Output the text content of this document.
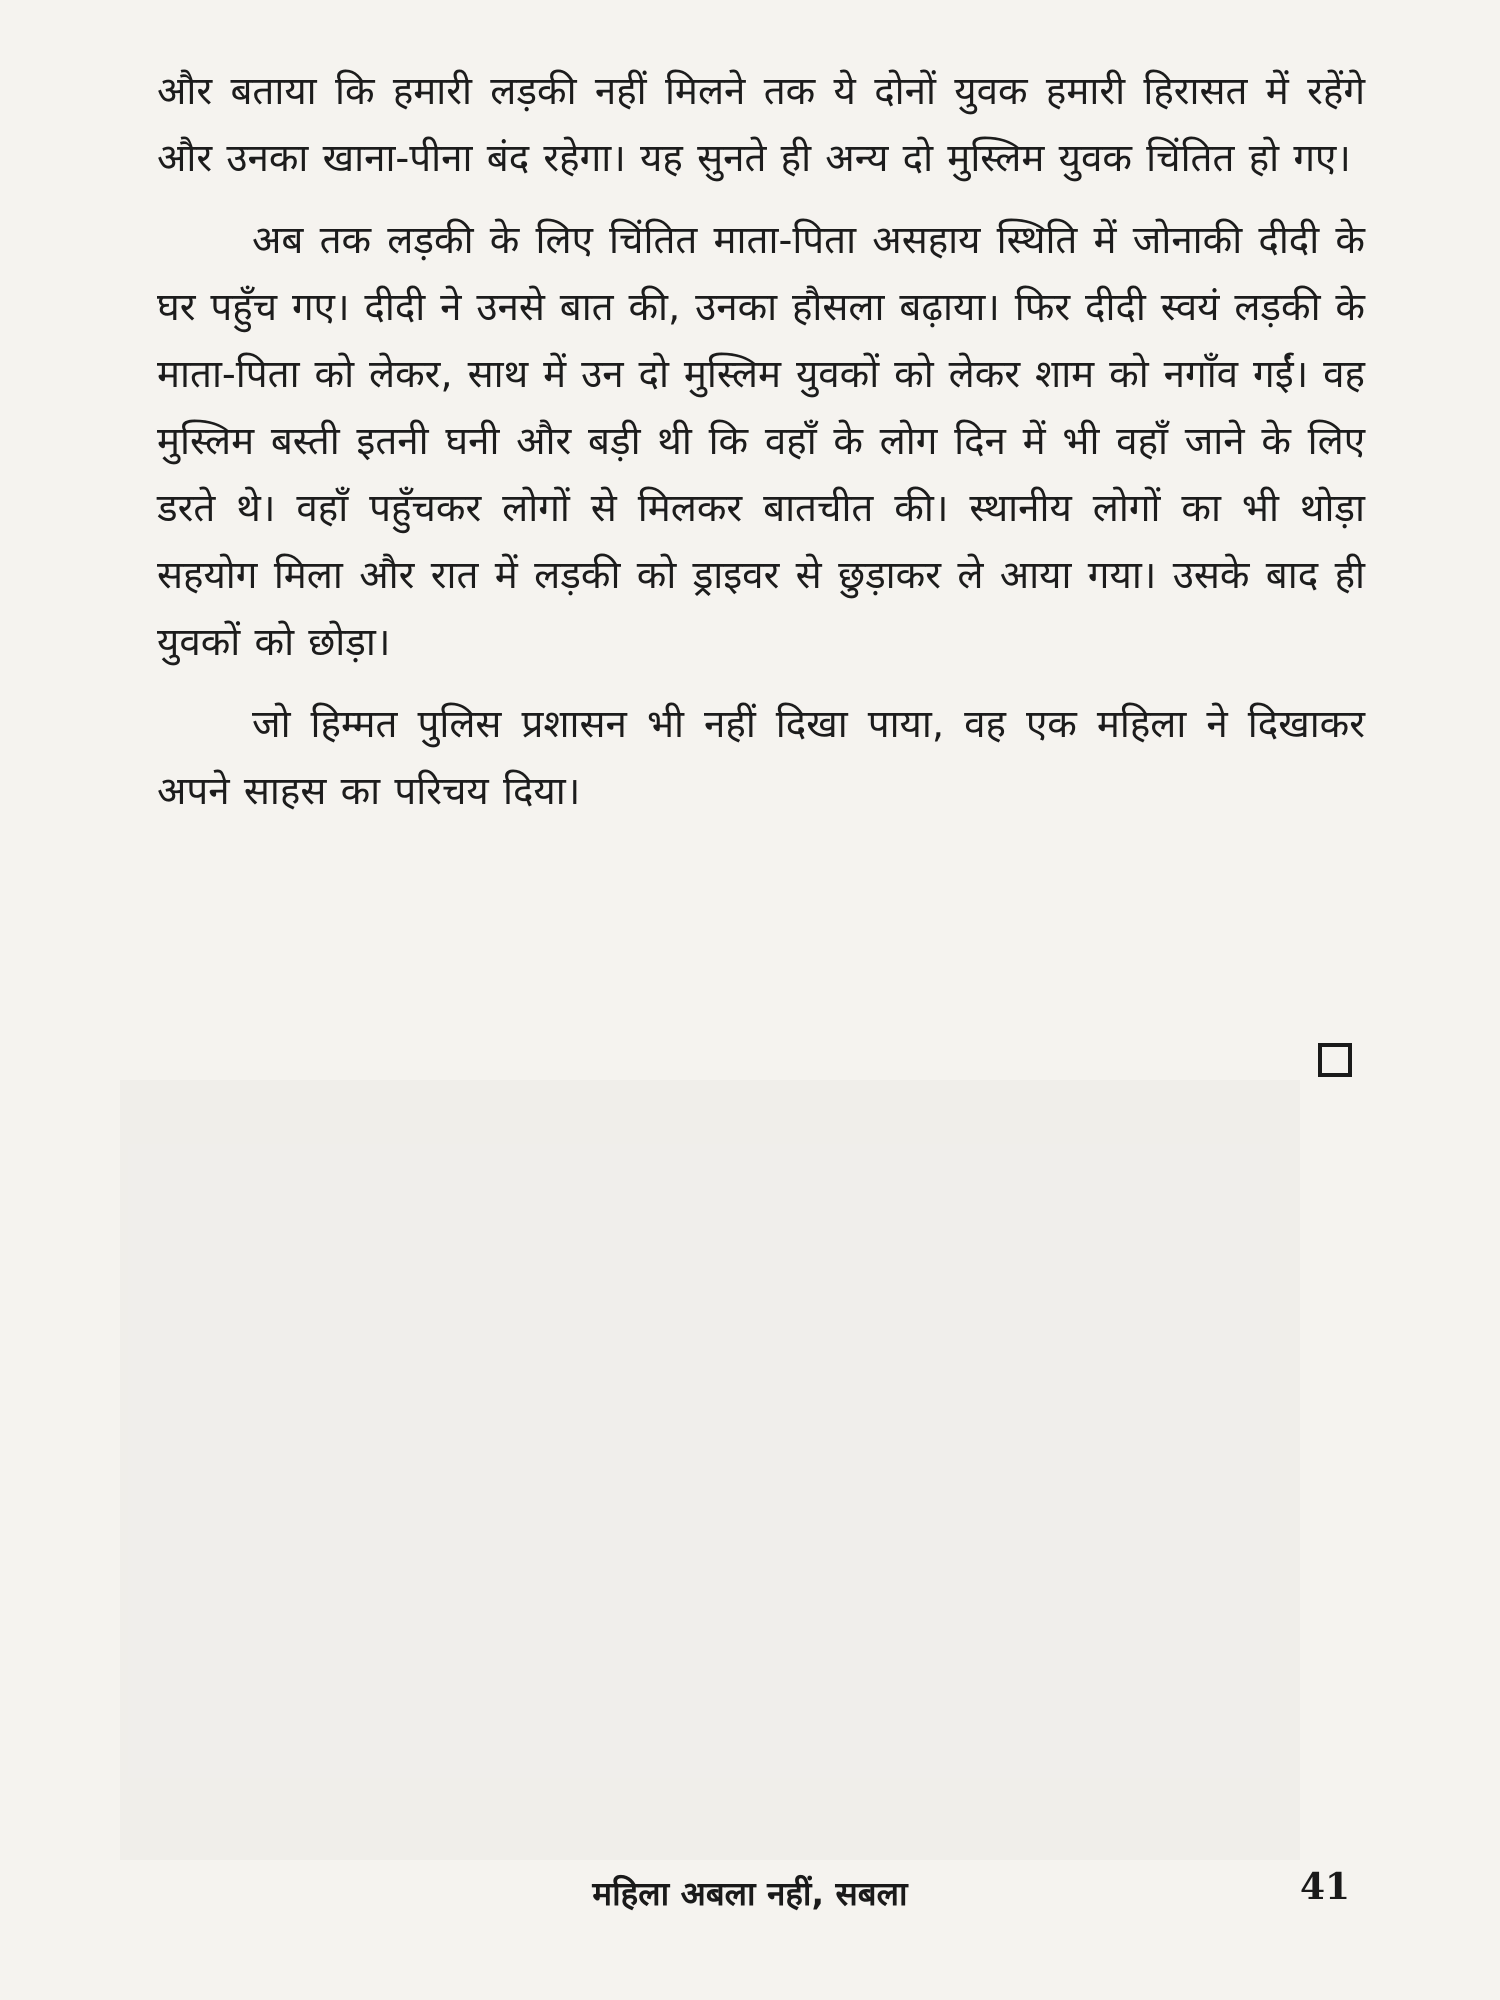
और बताया कि हमारी लड़की नहीं मिलने तक ये दोनों युवक हमारी हिरासत में रहेंगे और उनका खाना-पीना बंद रहेगा। यह सुनते ही अन्य दो मुस्लिम युवक चिंतित हो गए।

अब तक लड़की के लिए चिंतित माता-पिता असहाय स्थिति में जोनाकी दीदी के घर पहुँच गए। दीदी ने उनसे बात की, उनका हौसला बढ़ाया। फिर दीदी स्वयं लड़की के माता-पिता को लेकर, साथ में उन दो मुस्लिम युवकों को लेकर शाम को नगाँव गईं। वह मुस्लिम बस्ती इतनी घनी और बड़ी थी कि वहाँ के लोग दिन में भी वहाँ जाने के लिए डरते थे। वहाँ पहुँचकर लोगों से मिलकर बातचीत की। स्थानीय लोगों का भी थोड़ा सहयोग मिला और रात में लड़की को ड्राइवर से छुड़ाकर ले आया गया। उसके बाद ही युवकों को छोड़ा।

जो हिम्मत पुलिस प्रशासन भी नहीं दिखा पाया, वह एक महिला ने दिखाकर अपने साहस का परिचय दिया।

महिला अबला नहीं, सबला	41
